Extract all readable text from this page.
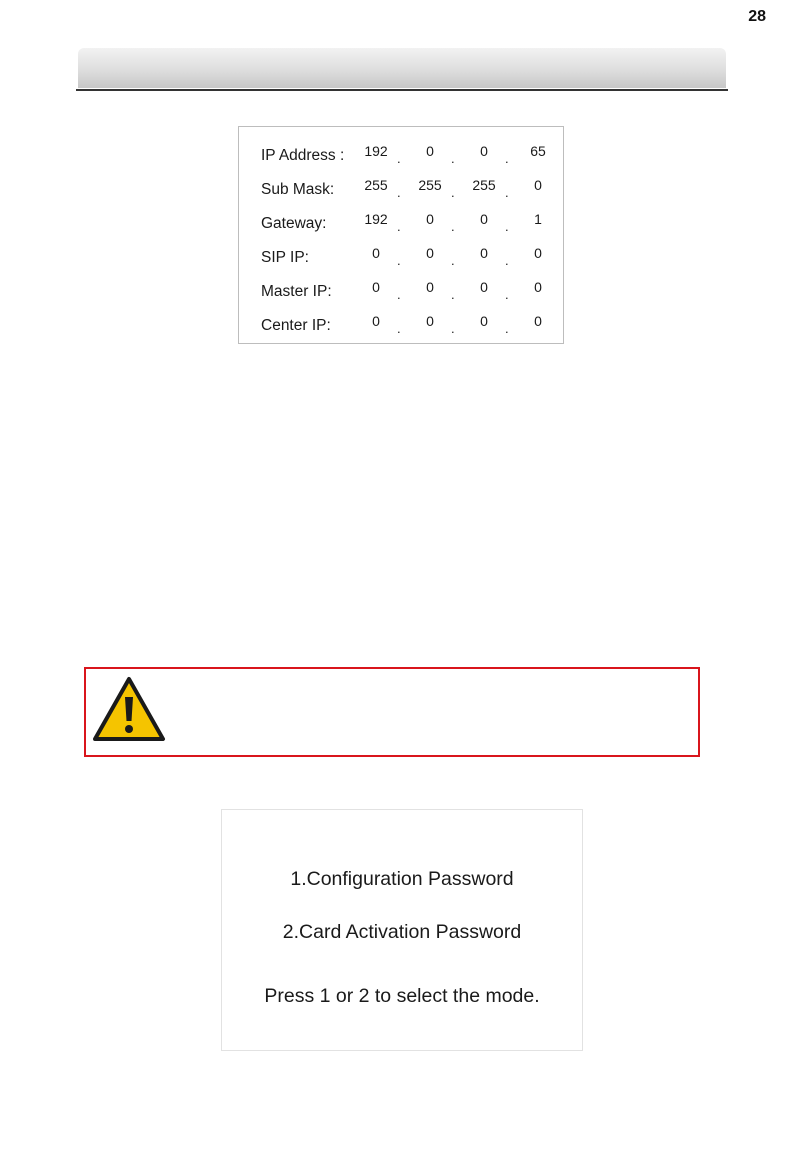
28
IP Address :	192 .	0	.	0	.	65
Sub Mask:	255 .	255 .	255 .	0
Gateway:	192 .	0	.	0	.	1
SIP IP:	0	.	0	.	0	.	0
Master IP:	0	.	0	.	0	.	0
Center IP:	0	.	0	.	0	.	0
1.Configuration Password
2.Card Activation Password
Press 1 or 2 to select the mode.
